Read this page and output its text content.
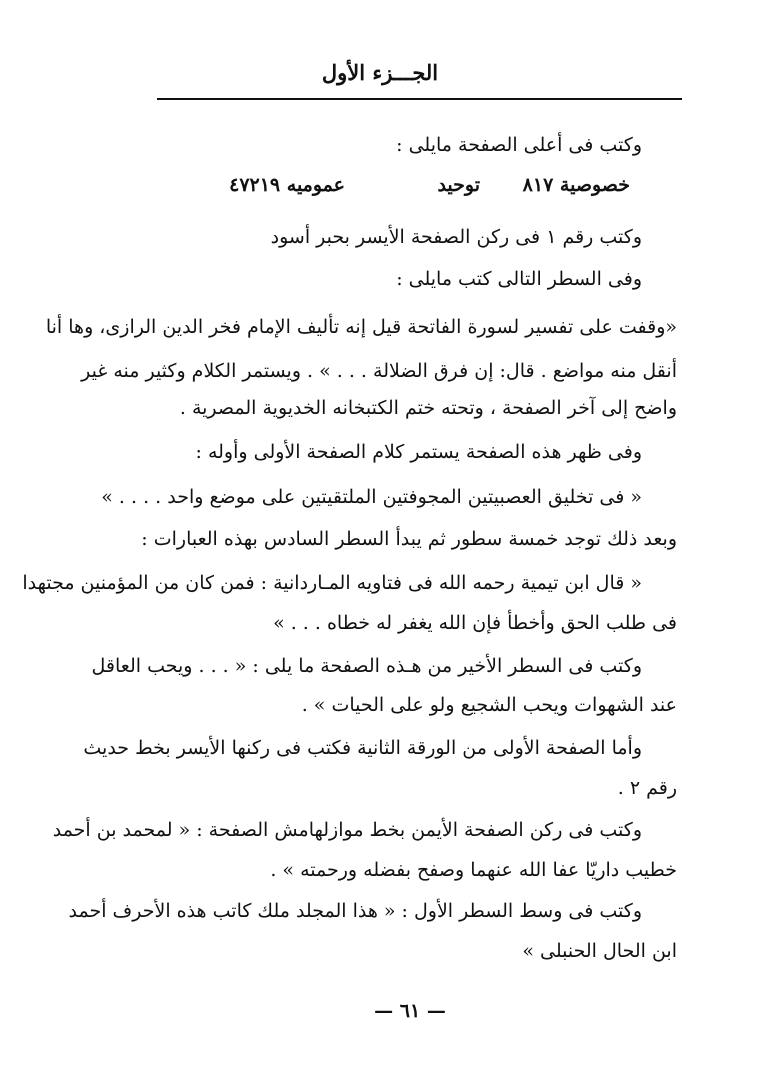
الجـــزء الأول
وكتب فى أعلى الصفحة مايلى :
خصوصية ٨١٧
توحيد
عموميه ٤٧٢١٩
وكتب رقم ١ فى ركن الصفحة الأيسر بحبر أسود
وفى السطر التالى كتب مايلى :
«وقفت على تفسير لسورة الفاتحة قيل إنه تأليف الإمام فخر الدين الرازى، وها أنا
أنقل منه مواضع . قال: إن فرق الضلالة . . . » . ويستمر الكلام وكثير منه غير
واضح إلى آخر الصفحة ، وتحته ختم الكتبخانه الخديوية المصرية .
وفى ظهر هذه الصفحة يستمر كلام الصفحة الأولى وأوله :
« فى تخليق العصبيتين المجوفتين الملتقيتين على موضع واحد . . . . »
وبعد ذلك توجد خمسة سطور ثم يبدأ السطر السادس بهذه العبارات :
« قال ابن تيمية رحمه الله فى فتاويه المـاردانية : فمن كان من المؤمنين مجتهدا
فى طلب الحق وأخطأ فإن الله يغفر له خطاه . . . »
وكتب فى السطر الأخير من هـذه الصفحة ما يلى : « . . . ويحب العاقل
عند الشهوات ويحب الشجيع ولو على الحيات » .
وأما الصفحة الأولى من الورقة الثانية فكتب فى ركنها الأيسر بخط حديث
رقم ٢ .
وكتب فى ركن الصفحة الأيمن بخط موازلهامش الصفحة : « لمحمد بن أحمد
خطيب داريّا عفا الله عنهما وصفح بفضله ورحمته » .
وكتب فى وسط السطر الأول : « هذا المجلد ملك كاتب هذه الأحرف أحمد
ابن الحال الحنبلى »
— ٦١ —
